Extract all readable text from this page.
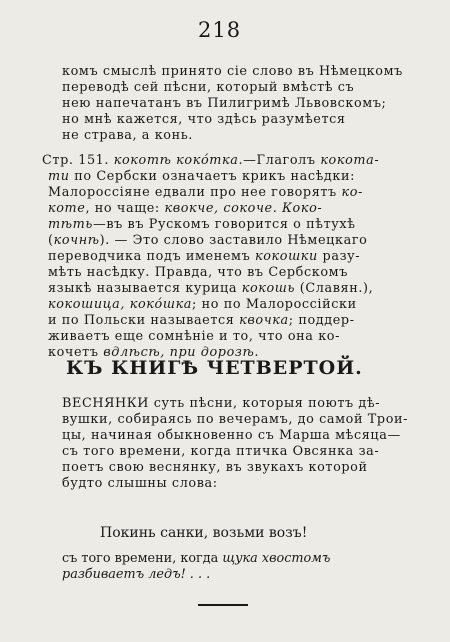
218
комъ смыслѣ принято сіе слово въ Нѣмецкомъ
переводѣ сей пѣсни, который вмѣстѣ съ
нею напечатанъ въ Пилигримѣ Львовскомъ;
но мнѣ кажется, что здѣсь разумѣется
не страва, а конь.
Стр. 151. кокотѣ коко́тка.—Глаголъ кокота-
ти по Сербски означаетъ крикъ насѣдки:
Малороссіяне едвали про нее говорятъ ко-
коте, но чаще: квокче, сокоче. Коко-
тѣть—въ въ Рускомъ говорится о пѣтухѣ
(кочнѣ). — Это слово заставило Нѣмецкаго
переводчика подъ именемъ кокошки разу-
мѣть насѣдку. Правда, что въ Сербскомъ
языкѣ называется курица кокошь (Славян.),
кокошица, коко́шка; но по Малороссійски
и по Польски называется квочка; поддер-
живаетъ еще сомнѣніе и то, что она ко-
кочетъ вдлѣсѣ, при дорозѣ.
КЪ КНИГѢ ЧЕТВЕРТОЙ.
ВЕСНЯНКИ суть пѣсни, которыя поютъ дѣ-
вушки, собираясь по вечерамъ, до самой Трои-
цы, начиная обыкновенно съ Марша мѣсяца—
съ того времени, когда птичка Овсянка за-
поетъ свою веснянку, въ звукахъ которой
будто слышны слова:
Покинь санки, возьми возъ!
съ того времени, когда щука хвостомъ
разбиваетъ ледъ! . . .
